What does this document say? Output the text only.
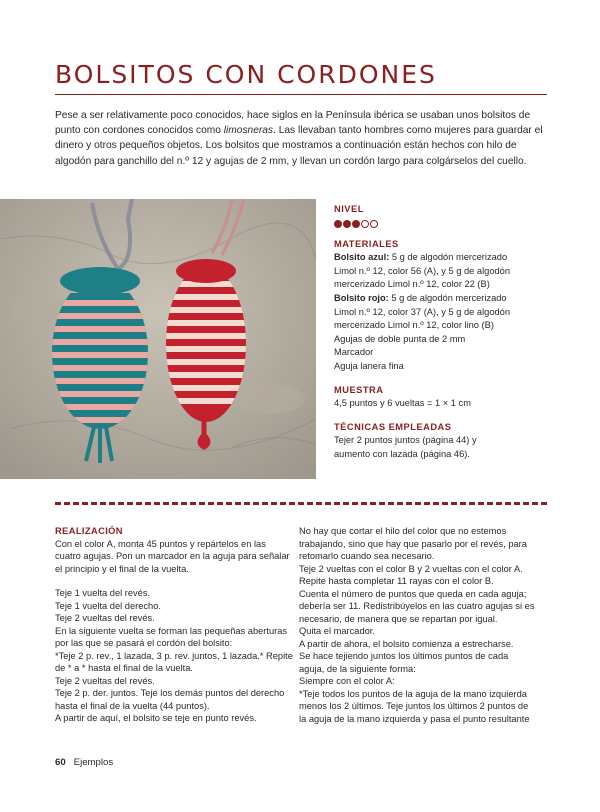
BOLSITOS CON CORDONES

Pese a ser relativamente poco conocidos, hace siglos en la Península ibérica se usaban unos bolsitos de punto con cordones conocidos como limosneras. Las llevaban tanto hombres como mujeres para guardar el dinero y otros pequeños objetos. Los bolsitos que mostramos a continuación están hechos con hilo de algodón para ganchillo del n.º 12 y agujas de 2 mm, y llevan un cordón largo para colgárselos del cuello.

NIVEL
MATERIALES
Bolsito azul: 5 g de algodón mercerizado
Limol n.º 12, color 56 (A), y 5 g de algodón
mercerizado Limol n.º 12, color 22 (B)
Bolsito rojo: 5 g de algodón mercerizado
Limol n.º 12, color 37 (A), y 5 g de algodón
mercerizado Limol n.º 12, color lino (B)
Agujas de doble punta de 2 mm
Marcador
Aguja lanera fina
MUESTRA
4,5 puntos y 6 vueltas = 1 × 1 cm
TÉCNICAS EMPLEADAS
Tejer 2 puntos juntos (página 44) y
aumento con lazada (página 46).
REALIZACIÓN
Con el color A, monta 45 puntos y repártelos en las
cuatro agujas. Pon un marcador en la aguja para señalar
el principio y el final de la vuelta.
Teje 1 vuelta del revés.
Teje 1 vuelta del derecho.
Teje 2 vueltas del revés.
En la siguiente vuelta se forman las pequeñas aberturas
por las que se pasará el cordón del bolsito:
*Teje 2 p. rev., 1 lazada, 3 p. rev. juntos, 1 lazada.* Repite
de * a * hasta el final de la vuelta.
Teje 2 vueltas del revés.
Teje 2 p. der. juntos. Teje los demás puntos del derecho
hasta el final de la vuelta (44 puntos).
A partir de aquí, el bolsito se teje en punto revés.
No hay que cortar el hilo del color que no estemos
trabajando, sino que hay que pasarlo por el revés, para
retomarlo cuando sea necesario.
Teje 2 vueltas con el color B y 2 vueltas con el color A.
Repite hasta completar 11 rayas con el color B.
Cuenta el número de puntos que queda en cada aguja;
debería ser 11. Redistribúyelos en las cuatro agujas si es
necesario, de manera que se repartan por igual.
Quita el marcador.
A partir de ahora, el bolsito comienza a estrecharse.
Se hace tejiendo juntos los últimos puntos de cada
aguja, de la siguiente forma:
Siempre con el color A:
*Teje todos los puntos de la aguja de la mano izquierda
menos los 2 últimos. Teje juntos los últimos 2 puntos de
la aguja de la mano izquierda y pasa el punto resultante
60 Ejemplos
